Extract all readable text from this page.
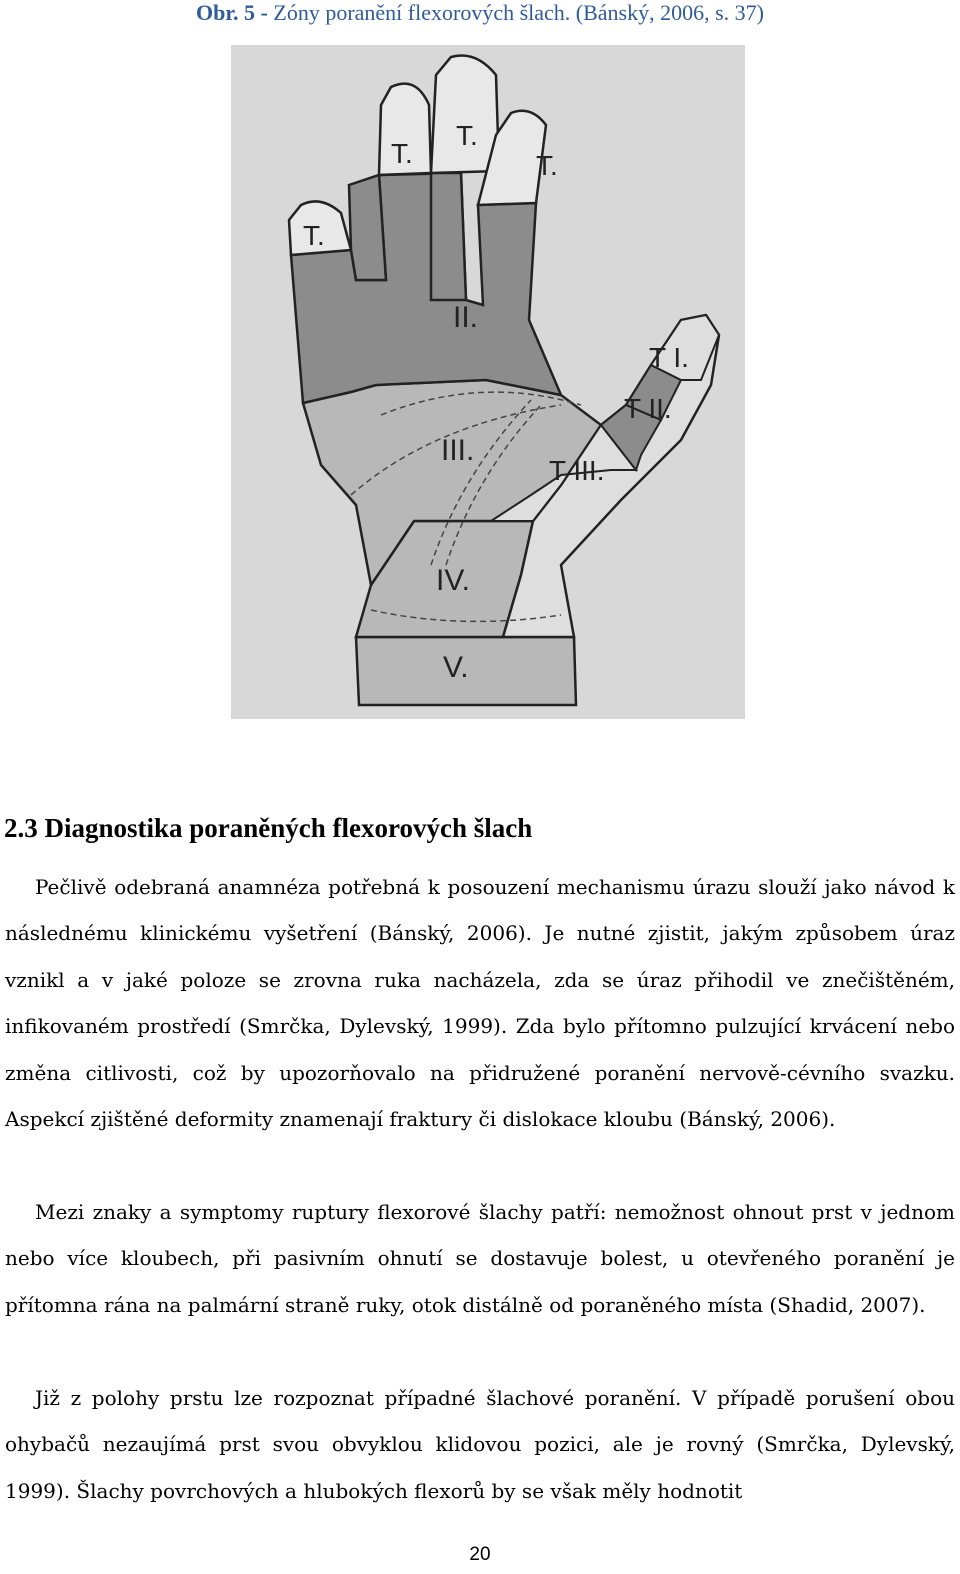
Obr. 5 - Zóny poranění flexorových šlach. (Bánský, 2006, s. 37)
T.
T.
T.
T.
II.
III.
IV.
V.
T I.
T II.
T III.
2.3 Diagnostika poraněných flexorových šlach

Pečlivě odebraná anamnéza potřebná k posouzení mechanismu úrazu slouží jako návod k následnému klinickému vyšetření (Bánský, 2006). Je nutné zjistit, jakým způsobem úraz vznikl a v jaké poloze se zrovna ruka nacházela, zda se úraz přihodil ve znečištěném, infikovaném prostředí (Smrčka, Dylevský, 1999). Zda bylo přítomno pulzující krvácení nebo změna citlivosti, což by upozorňovalo na přidružené poranění nervově-cévního svazku. Aspekcí zjištěné deformity znamenají fraktury či dislokace kloubu (Bánský, 2006).

Mezi znaky a symptomy ruptury flexorové šlachy patří: nemožnost ohnout prst v jednom nebo více kloubech, při pasivním ohnutí se dostavuje bolest, u otevřeného poranění je přítomna rána na palmární straně ruky, otok distálně od poraněného místa (Shadid, 2007).

Již z polohy prstu lze rozpoznat případné šlachové poranění. V případě porušení obou ohybačů nezaujímá prst svou obvyklou klidovou pozici, ale je rovný (Smrčka, Dylevský, 1999). Šlachy povrchových a hlubokých flexorů by se však měly hodnotit

20
